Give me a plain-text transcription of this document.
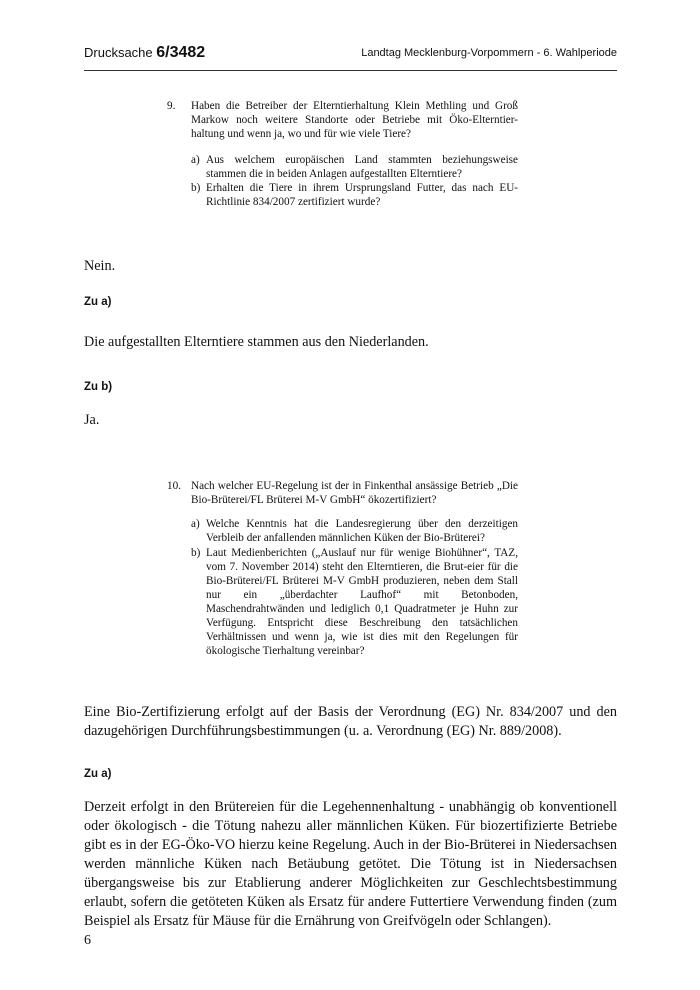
Drucksache 6/3482	Landtag Mecklenburg-Vorpommern - 6. Wahlperiode
9. Haben die Betreiber der Elterntierhaltung Klein Methling und Groß Markow noch weitere Standorte oder Betriebe mit Öko-Elterntier-haltung und wenn ja, wo und für wie viele Tiere?
a) Aus welchem europäischen Land stammten beziehungsweise stammen die in beiden Anlagen aufgestallten Elterntiere?
b) Erhalten die Tiere in ihrem Ursprungsland Futter, das nach EU-Richtlinie 834/2007 zertifiziert wurde?
Nein.
Zu a)
Die aufgestallten Elterntiere stammen aus den Niederlanden.
Zu b)
Ja.
10. Nach welcher EU-Regelung ist der in Finkenthal ansässige Betrieb „Die Bio-Brüterei/FL Brüterei M-V GmbH“ ökozertifiziert?
a) Welche Kenntnis hat die Landesregierung über den derzeitigen Verbleib der anfallenden männlichen Küken der Bio-Brüterei?
b) Laut Medienberichten („Auslauf nur für wenige Biohühner“, TAZ, vom 7. November 2014) steht den Elterntieren, die Brut-eier für die Bio-Brüterei/FL Brüterei M-V GmbH produzieren, neben dem Stall nur ein „überdachter Laufhof“ mit Betonboden, Maschendrahtwänden und lediglich 0,1 Quadratmeter je Huhn zur Verfügung. Entspricht diese Beschreibung den tatsächlichen Verhältnissen und wenn ja, wie ist dies mit den Regelungen für ökologische Tierhaltung vereinbar?
Eine Bio-Zertifizierung erfolgt auf der Basis der Verordnung (EG) Nr. 834/2007 und den dazugehörigen Durchführungsbestimmungen (u. a. Verordnung (EG) Nr. 889/2008).
Zu a)
Derzeit erfolgt in den Brütereien für die Legehennenhaltung - unabhängig ob konventionell oder ökologisch - die Tötung nahezu aller männlichen Küken. Für biozertifizierte Betriebe gibt es in der EG-Öko-VO hierzu keine Regelung. Auch in der Bio-Brüterei in Niedersachsen werden männliche Küken nach Betäubung getötet. Die Tötung ist in Niedersachsen übergangsweise bis zur Etablierung anderer Möglichkeiten zur Geschlechtsbestimmung erlaubt, sofern die getöteten Küken als Ersatz für andere Futtertiere Verwendung finden (zum Beispiel als Ersatz für Mäuse für die Ernährung von Greifvögeln oder Schlangen).
6
